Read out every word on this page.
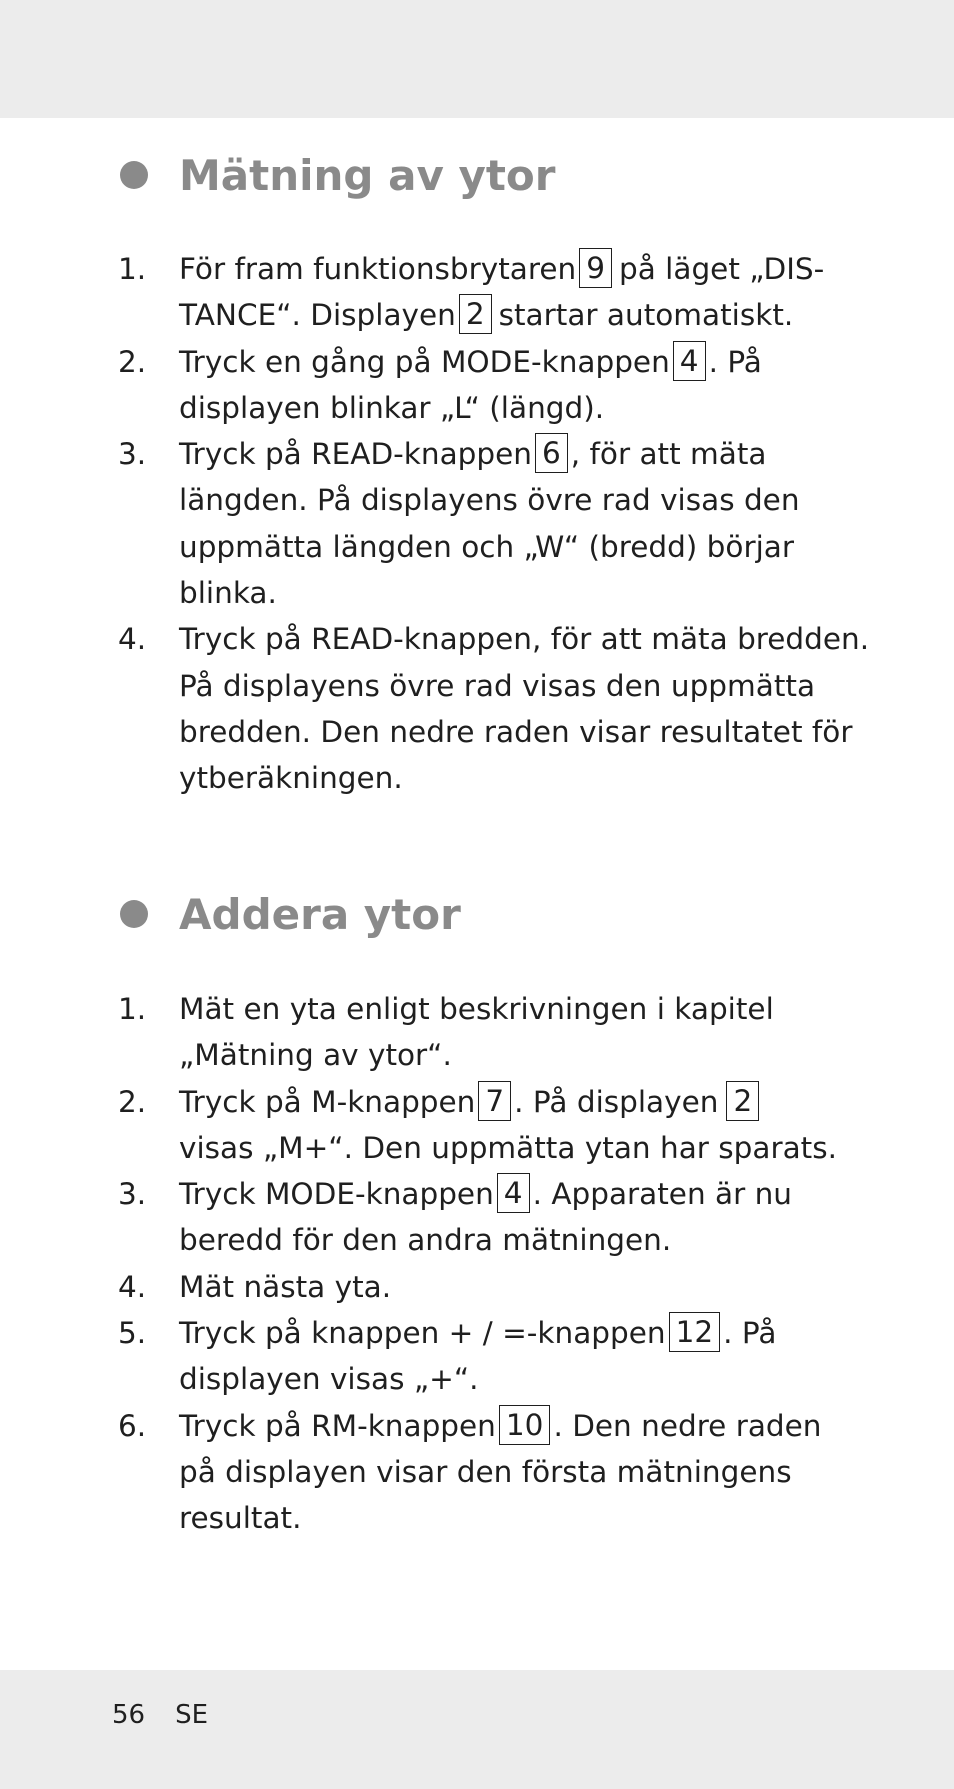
Mätning av ytor
1. För fram funktionsbrytaren 9 på läget „DIS-
TANCE“. Displayen 2 startar automatiskt.
2. Tryck en gång på MODE-knappen 4 . På
displayen blinkar „L“ (längd).
3. Tryck på READ-knappen 6 , för att mäta
längden. På displayens övre rad visas den
uppmätta längden och „W“ (bredd) börjar
blinka.
4. Tryck på READ-knappen, för att mäta bredden.
På displayens övre rad visas den uppmätta
bredden. Den nedre raden visar resultatet för
ytberäkningen.
Addera ytor
1. Mät en yta enligt beskrivningen i kapitel
„Mätning av ytor“.
2. Tryck på M-knappen 7 . På displayen 2
visas „M+“. Den uppmätta ytan har sparats.
3. Tryck MODE-knappen 4 . Apparaten är nu
beredd för den andra mätningen.
4. Mät nästa yta.
5. Tryck på knappen + / =-knappen 12 . På
displayen visas „+“.
6. Tryck på RM-knappen 10 . Den nedre raden
på displayen visar den första mätningens
resultat.
56 SE
